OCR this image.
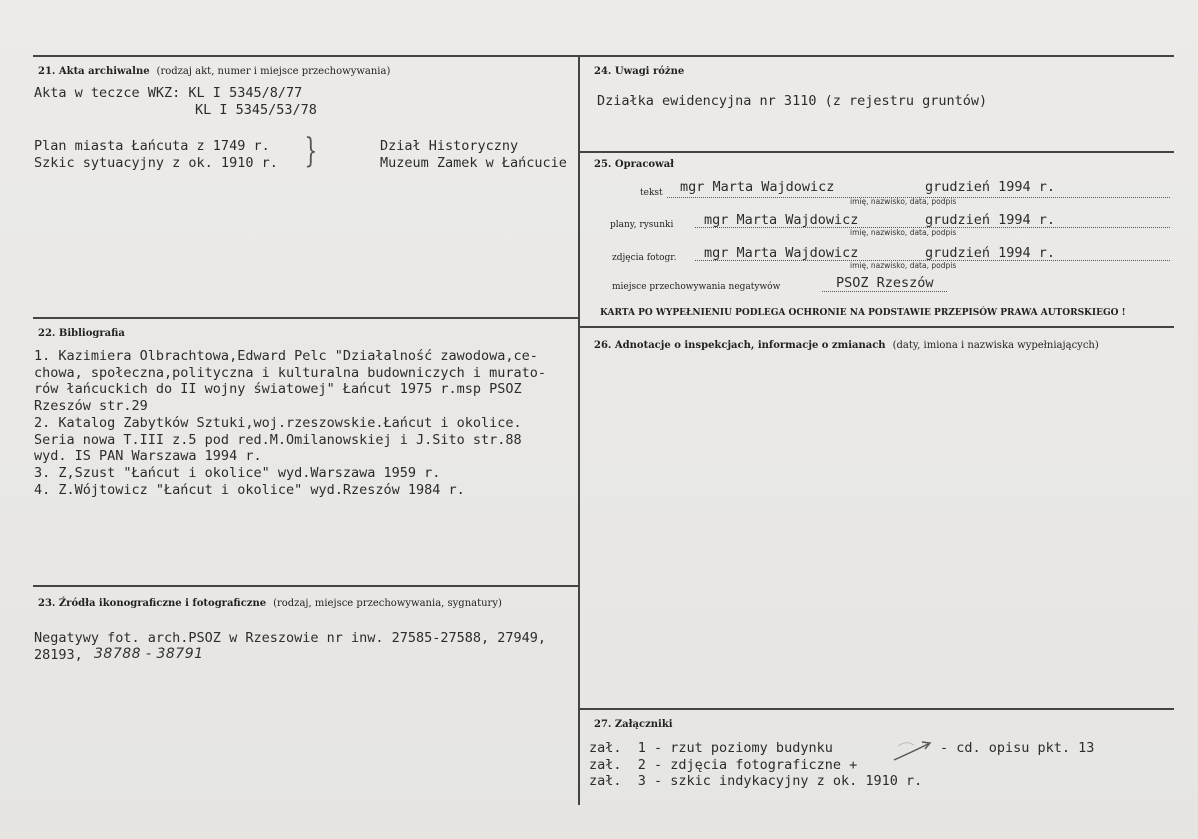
21. Akta archiwalne (rodzaj akt, numer i miejsce przechowywania)
Akta w teczce WKZ: KL I 5345/8/77
KL I 5345/53/78
Plan miasta Łańcuta z 1749 r.
Szkic sytuacyjny z ok. 1910 r. }	Dział Historyczny
Muzeum Zamek w Łańcucie
22. Bibliografia
1. Kazimiera Olbrachtowa,Edward Pelc "Działalność zawodowa,ce-
chowa, społeczna,polityczna i kulturalna budowniczych i murato-
rów łańcuckich do II wojny światowej" Łańcut 1975 r.msp PSOZ
Rzeszów str.29
2. Katalog Zabytków Sztuki,woj.rzeszowskie.Łańcut i okolice.
Seria nowa T.III z.5 pod red.M.Omilanowskiej i J.Sito str.88
wyd. IS PAN Warszawa 1994 r.
3. Z,Szust "Łańcut i okolice" wyd.Warszawa 1959 r.
4. Z.Wójtowicz "Łańcut i okolice" wyd.Rzeszów 1984 r.
23. Źródła ikonograficzne i fotograficzne (rodzaj, miejsce przechowywania, sygnatury)
Negatywy fot. arch.PSOZ w Rzeszowie nr inw. 27585-27588, 27949,
28193, 38788 - 38791
24. Uwagi różne
Działka ewidencyjna nr 3110 (z rejestru gruntów)
25. Opracował
tekst mgr Marta Wajdowicz	grudzień 1994 r.
imię, nazwisko, data, podpis
plany, rysunki mgr Marta Wajdowicz	grudzień 1994 r.
imię, nazwisko, data, podpis
zdjęcia fotogr. mgr Marta Wajdowicz	grudzień 1994 r.
imię, nazwisko, data, podpis
miejsce przechowywania negatywów	PSOZ Rzeszów
KARTA PO WYPEŁNIENIU PODLEGA OCHRONIE NA PODSTAWIE PRZEPISÓW PRAWA AUTORSKIEGO !
26. Adnotacje o inspekcjach, informacje o zmianach (daty, imiona i nazwiska wypełniających)
27. Załączniki
zał.  1 - rzut poziomy budynku
zał.  2 - zdjęcia fotograficzne +
zał.  3 - szkic indykacyjny z ok. 1910 r.
- cd. opisu pkt. 13
